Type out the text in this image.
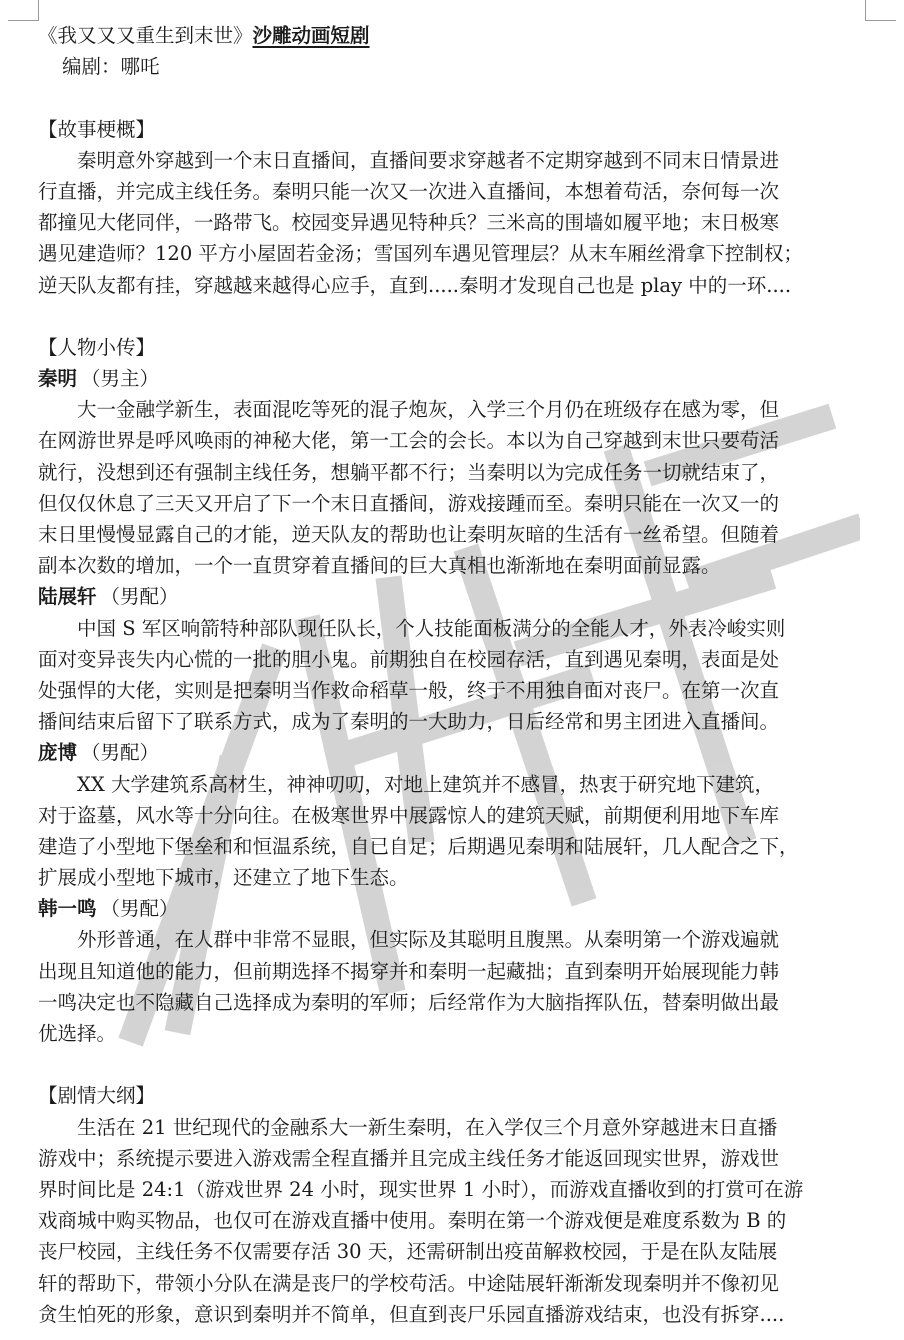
《我又又又重生到末世》沙雕动画短剧
编剧：哪吒
【故事梗概】
秦明意外穿越到一个末日直播间，直播间要求穿越者不定期穿越到不同末日情景进
行直播，并完成主线任务。秦明只能一次又一次进入直播间，本想着苟活，奈何每一次
都撞见大佬同伴，一路带飞。校园变异遇见特种兵？三米高的围墙如履平地；末日极寒
遇见建造师？120 平方小屋固若金汤；雪国列车遇见管理层？从末车厢丝滑拿下控制权；
逆天队友都有挂，穿越越来越得心应手，直到.....秦明才发现自己也是 play 中的一环....
【人物小传】
秦明 （男主）
大一金融学新生，表面混吃等死的混子炮灰，入学三个月仍在班级存在感为零，但
在网游世界是呼风唤雨的神秘大佬，第一工会的会长。本以为自己穿越到末世只要苟活
就行，没想到还有强制主线任务，想躺平都不行；当秦明以为完成任务一切就结束了，
但仅仅休息了三天又开启了下一个末日直播间，游戏接踵而至。秦明只能在一次又一的
末日里慢慢显露自己的才能，逆天队友的帮助也让秦明灰暗的生活有一丝希望。但随着
副本次数的增加，一个一直贯穿着直播间的巨大真相也渐渐地在秦明面前显露。
陆展轩 （男配）
中国 S 军区响箭特种部队现任队长，个人技能面板满分的全能人才，外表冷峻实则
面对变异丧失内心慌的一批的胆小鬼。前期独自在校园存活，直到遇见秦明，表面是处
处强悍的大佬，实则是把秦明当作救命稻草一般，终于不用独自面对丧尸。在第一次直
播间结束后留下了联系方式，成为了秦明的一大助力，日后经常和男主团进入直播间。
庞博 （男配）
XX 大学建筑系高材生，神神叨叨，对地上建筑并不感冒，热衷于研究地下建筑，
对于盗墓，风水等十分向往。在极寒世界中展露惊人的建筑天赋，前期便利用地下车库
建造了小型地下堡垒和和恒温系统，自已自足；后期遇见秦明和陆展轩，几人配合之下，
扩展成小型地下城市，还建立了地下生态。
韩一鸣 （男配）
外形普通，在人群中非常不显眼，但实际及其聪明且腹黑。从秦明第一个游戏遍就
出现且知道他的能力，但前期选择不揭穿并和秦明一起藏拙；直到秦明开始展现能力韩
一鸣决定也不隐藏自己选择成为秦明的军师；后经常作为大脑指挥队伍，替秦明做出最
优选择。
【剧情大纲】
生活在 21 世纪现代的金融系大一新生秦明，在入学仅三个月意外穿越进末日直播
游戏中；系统提示要进入游戏需全程直播并且完成主线任务才能返回现实世界，游戏世
界时间比是 24:1（游戏世界 24 小时，现实世界 1 小时），而游戏直播收到的打赏可在游
戏商城中购买物品，也仅可在游戏直播中使用。秦明在第一个游戏便是难度系数为 B 的
丧尸校园，主线任务不仅需要存活 30 天，还需研制出疫苗解救校园，于是在队友陆展
轩的帮助下，带领小分队在满是丧尸的学校苟活。中途陆展轩渐渐发现秦明并不像初见
贪生怕死的形象，意识到秦明并不简单，但直到丧尸乐园直播游戏结束，也没有拆穿....
